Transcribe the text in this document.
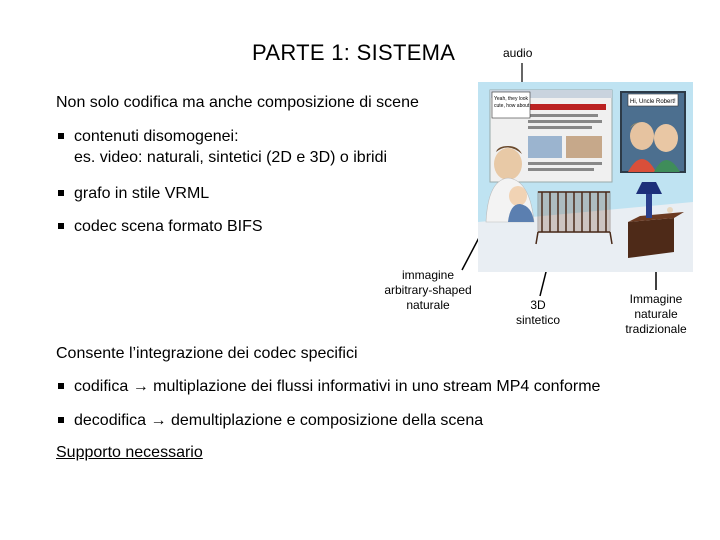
PARTE 1: SISTEMA	audio
Yeah, they look
cute, how about
Hi, Uncle Robert!
Non solo codifica ma anche composizione di scene
contenuti disomogenei:
es. video: naturali, sintetici (2D e 3D) o ibridi
grafo in stile VRML
codec scena formato BIFS
immagine
arbitrary-shaped
naturale	3D
sintetico
Immagine
naturale
tradizionale
Consente l’integrazione dei codec specifici
codifica → multiplazione dei flussi informativi in uno stream MP4 conforme
decodifica → demultiplazione e composizione della scena
Supporto necessario
